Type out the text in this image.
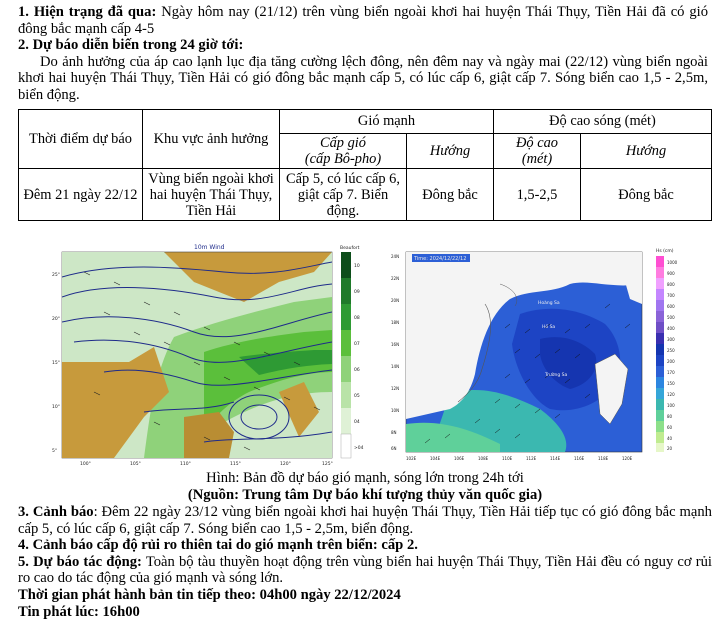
1. Hiện trạng đã qua: Ngày hôm nay (21/12) trên vùng biển ngoài khơi hai huyện Thái Thụy, Tiền Hải đã có gió đông bắc mạnh cấp 4-5

2. Dự báo diễn biến trong 24 giờ tới:

Do ảnh hưởng của áp cao lạnh lục địa tăng cường lệch đông, nên đêm nay và ngày mai (22/12) vùng biển ngoài khơi hai huyện Thái Thụy, Tiền Hải có gió đông bắc mạnh cấp 5, có lúc cấp 6, giật cấp 7. Sóng biển cao 1,5 - 2,5m, biển động.

Thời điểm dự báo	Khu vực ảnh hưởng	Gió mạnh		Độ cao sóng (mét)	
		Cấp gió
(cấp Bô-pho)	Hướng	Độ cao
(mét)	Hướng
Đêm 21 ngày 22/12	Vùng biển ngoài khơi hai huyện Thái Thụy, Tiền Hải	Cấp 5, có lúc cấp 6, giật cấp 7. Biển động.	Đông bắc	1,5-2,5	Đông bắc
10m Wind
25°
20°
15°
10°
5°
100°	105°	110°	115°	120°	125°
Beaufort
10
09
08
07
06
05
04
>04
Time: 2024/12/22/12
Hoàng Sa
Trường Sa
Hồ Sa
24N
22N
20N
18N
16N
14N
12N
10N
8N
6N
102E	104E	106E	108E	110E	112E	114E	116E	118E	120E
Hs (cm)
1000
900
800
700
600
500
400
300
250
200
170
150
120
100
80
60
40
20

Hình: Bản đồ dự báo gió mạnh, sóng lớn trong 24h tới

(Nguồn: Trung tâm Dự báo khí tượng thủy văn quốc gia)

3. Cảnh báo: Đêm 22 ngày 23/12 vùng biển ngoài khơi hai huyện Thái Thụy, Tiền Hải tiếp tục có gió đông bắc mạnh cấp 5, có lúc cấp 6, giật cấp 7. Sóng biển cao 1,5 - 2,5m, biển động.

4. Cảnh báo cấp độ rủi ro thiên tai do gió mạnh trên biển: cấp 2.

5. Dự báo tác động: Toàn bộ tàu thuyền hoạt động trên vùng biển hai huyện Thái Thụy, Tiền Hải đều có nguy cơ rủi ro cao do tác động của gió mạnh và sóng lớn.

Thời gian phát hành bản tin tiếp theo: 04h00 ngày 22/12/2024

Tin phát lúc: 16h00
